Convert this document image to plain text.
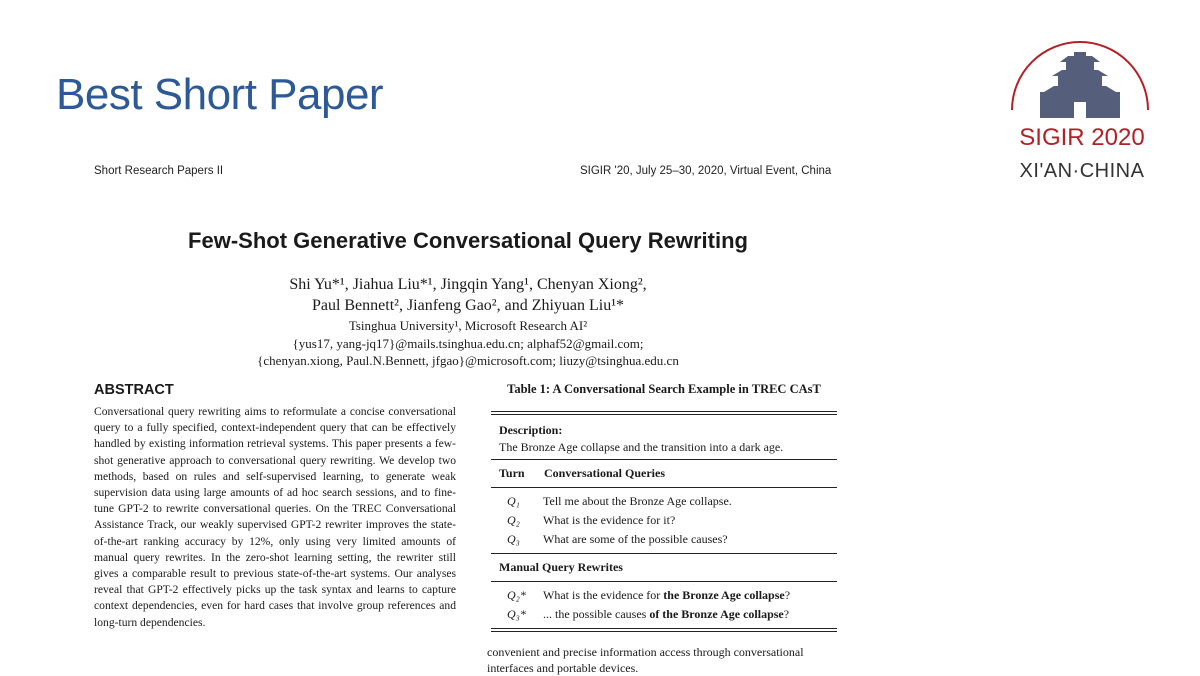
Best Short Paper
SIGIR 2020
XI'AN·CHINA
Short Research Papers II	SIGIR '20, July 25–30, 2020, Virtual Event, China
Few-Shot Generative Conversational Query Rewriting
Shi Yu*¹, Jiahua Liu*¹, Jingqin Yang¹, Chenyan Xiong²,
Paul Bennett², Jianfeng Gao², and Zhiyuan Liu¹*
Tsinghua University¹, Microsoft Research AI²
{yus17, yang-jq17}@mails.tsinghua.edu.cn; alphaf52@gmail.com;
{chenyan.xiong, Paul.N.Bennett, jfgao}@microsoft.com; liuzy@tsinghua.edu.cn
ABSTRACT
Conversational query rewriting aims to reformulate a concise conversational query to a fully specified, context-independent query that can be effectively handled by existing information retrieval systems. This paper presents a few-shot generative approach to conversational query rewriting. We develop two methods, based on rules and self-supervised learning, to generate weak supervision data using large amounts of ad hoc search sessions, and to fine-tune GPT-2 to rewrite conversational queries. On the TREC Conversational Assistance Track, our weakly supervised GPT-2 rewriter improves the state-of-the-art ranking accuracy by 12%, only using very limited amounts of manual query rewrites. In the zero-shot learning setting, the rewriter still gives a comparable result to previous state-of-the-art systems. Our analyses reveal that GPT-2 effectively picks up the task syntax and learns to capture context dependencies, even for hard cases that involve group references and long-turn dependencies.
Table 1: A Conversational Search Example in TREC CAsT
Description:
The Bronze Age collapse and the transition into a dark age.
Turn	Conversational Queries
Q₁	Tell me about the Bronze Age collapse.
Q₂	What is the evidence for it?
Q₃	What are some of the possible causes?
Manual Query Rewrites
Q₂*	What is the evidence for the Bronze Age collapse?
Q₃*	... the possible causes of the Bronze Age collapse?
convenient and precise information access through conversational interfaces and portable devices.
